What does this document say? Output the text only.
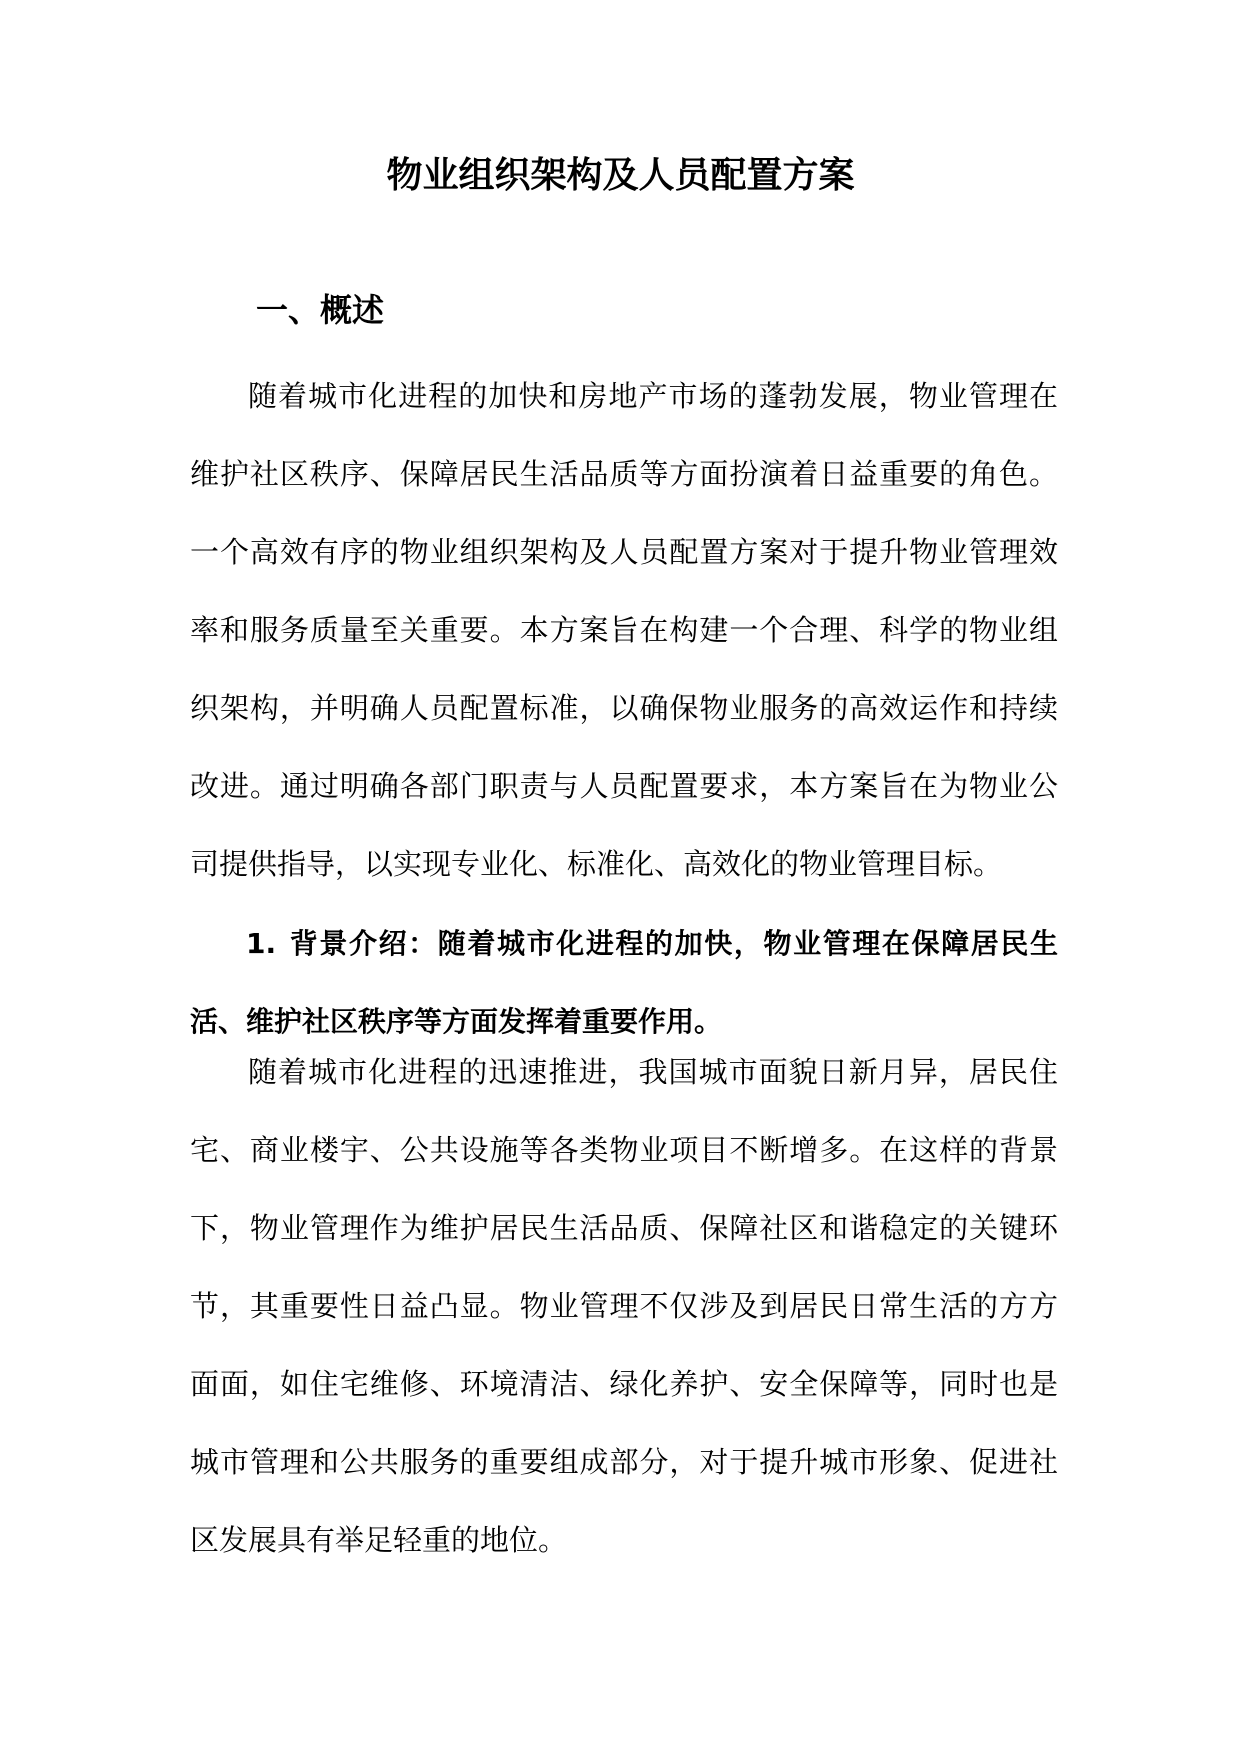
物业组织架构及人员配置方案
一、概述

随着城市化进程的加快和房地产市场的蓬勃发展，物业管理在维护社区秩序、保障居民生活品质等方面扮演着日益重要的角色。一个高效有序的物业组织架构及人员配置方案对于提升物业管理效率和服务质量至关重要。本方案旨在构建一个合理、科学的物业组织架构，并明确人员配置标准，以确保物业服务的高效运作和持续改进。通过明确各部门职责与人员配置要求，本方案旨在为物业公司提供指导，以实现专业化、标准化、高效化的物业管理目标。

1. 背景介绍：随着城市化进程的加快，物业管理在保障居民生活、维护社区秩序等方面发挥着重要作用。

随着城市化进程的迅速推进，我国城市面貌日新月异，居民住宅、商业楼宇、公共设施等各类物业项目不断增多。在这样的背景下，物业管理作为维护居民生活品质、保障社区和谐稳定的关键环节，其重要性日益凸显。物业管理不仅涉及到居民日常生活的方方面面，如住宅维修、环境清洁、绿化养护、安全保障等，同时也是城市管理和公共服务的重要组成部分，对于提升城市形象、促进社区发展具有举足轻重的地位。
